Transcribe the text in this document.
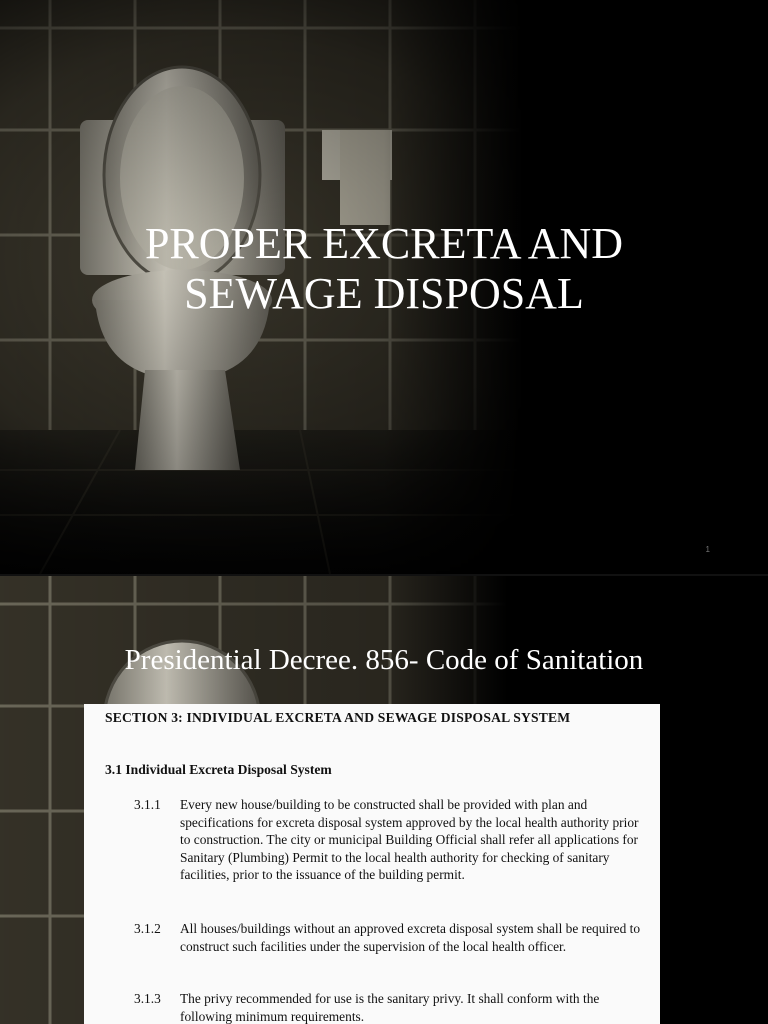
PROPER EXCRETA AND
SEWAGE DISPOSAL
1
Presidential Decree. 856- Code of Sanitation
SECTION 3: INDIVIDUAL EXCRETA AND SEWAGE DISPOSAL SYSTEM
3.1 Individual Excreta Disposal System
3.1.1	Every new house/building to be constructed shall be provided with plan and specifications for excreta disposal system approved by the local health authority prior to construction. The city or municipal Building Official shall refer all applications for Sanitary (Plumbing) Permit to the local health authority for checking of sanitary facilities, prior to the issuance of the building permit.
3.1.2	All houses/buildings without an approved excreta disposal system shall be required to construct such facilities under the supervision of the local health officer.
3.1.3	The privy recommended for use is the sanitary privy. It shall conform with the following minimum requirements.
